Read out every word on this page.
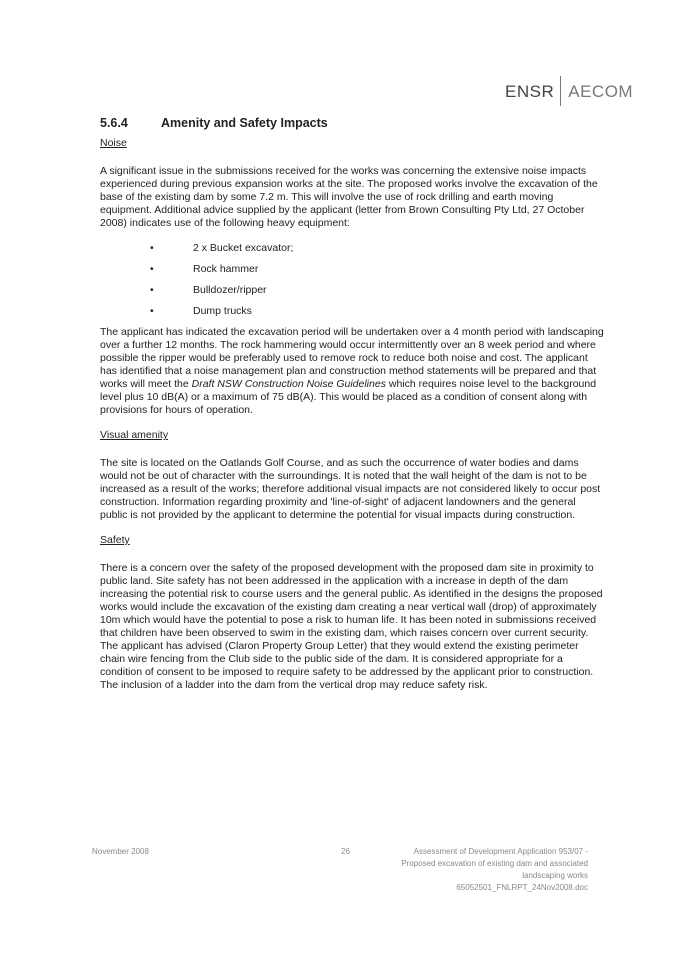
ENSR AECOM
5.6.4	Amenity and Safety Impacts
Noise

A significant issue in the submissions received for the works was concerning the extensive noise impacts experienced during previous expansion works at the site. The proposed works involve the excavation of the base of the existing dam by some 7.2 m. This will involve the use of rock drilling and earth moving equipment. Additional advice supplied by the applicant (letter from Brown Consulting Pty Ltd, 27 October 2008) indicates use of the following heavy equipment:

•	2 x Bucket excavator;
•	Rock hammer
•	Bulldozer/ripper
•	Dump trucks

The applicant has indicated the excavation period will be undertaken over a 4 month period with landscaping over a further 12 months. The rock hammering would occur intermittently over an 8 week period and where possible the ripper would be preferably used to remove rock to reduce both noise and cost. The applicant has identified that a noise management plan and construction method statements will be prepared and that works will meet the Draft NSW Construction Noise Guidelines which requires noise level to the background level plus 10 dB(A) or a maximum of 75 dB(A). This would be placed as a condition of consent along with provisions for hours of operation.

Visual amenity

The site is located on the Oatlands Golf Course, and as such the occurrence of water bodies and dams would not be out of character with the surroundings. It is noted that the wall height of the dam is not to be increased as a result of the works; therefore additional visual impacts are not considered likely to occur post construction. Information regarding proximity and 'line-of-sight' of adjacent landowners and the general public is not provided by the applicant to determine the potential for visual impacts during construction.

Safety

There is a concern over the safety of the proposed development with the proposed dam site in proximity to public land. Site safety has not been addressed in the application with a increase in depth of the dam increasing the potential risk to course users and the general public. As identified in the designs the proposed works would include the excavation of the existing dam creating a near vertical wall (drop) of approximately 10m which would have the potential to pose a risk to human life. It has been noted in submissions received that children have been observed to swim in the existing dam, which raises concern over current security. The applicant has advised (Claron Property Group Letter) that they would extend the existing perimeter chain wire fencing from the Club side to the public side of the dam. It is considered appropriate for a condition of consent to be imposed to require safety to be addressed by the applicant prior to construction. The inclusion of a ladder into the dam from the vertical drop may reduce safety risk.

November 2008	26	Assessment of Development Application 953/07 -
Proposed excavation of existing dam and associated
landscaping works
65052501_FNLRPT_24Nov2008.doc
